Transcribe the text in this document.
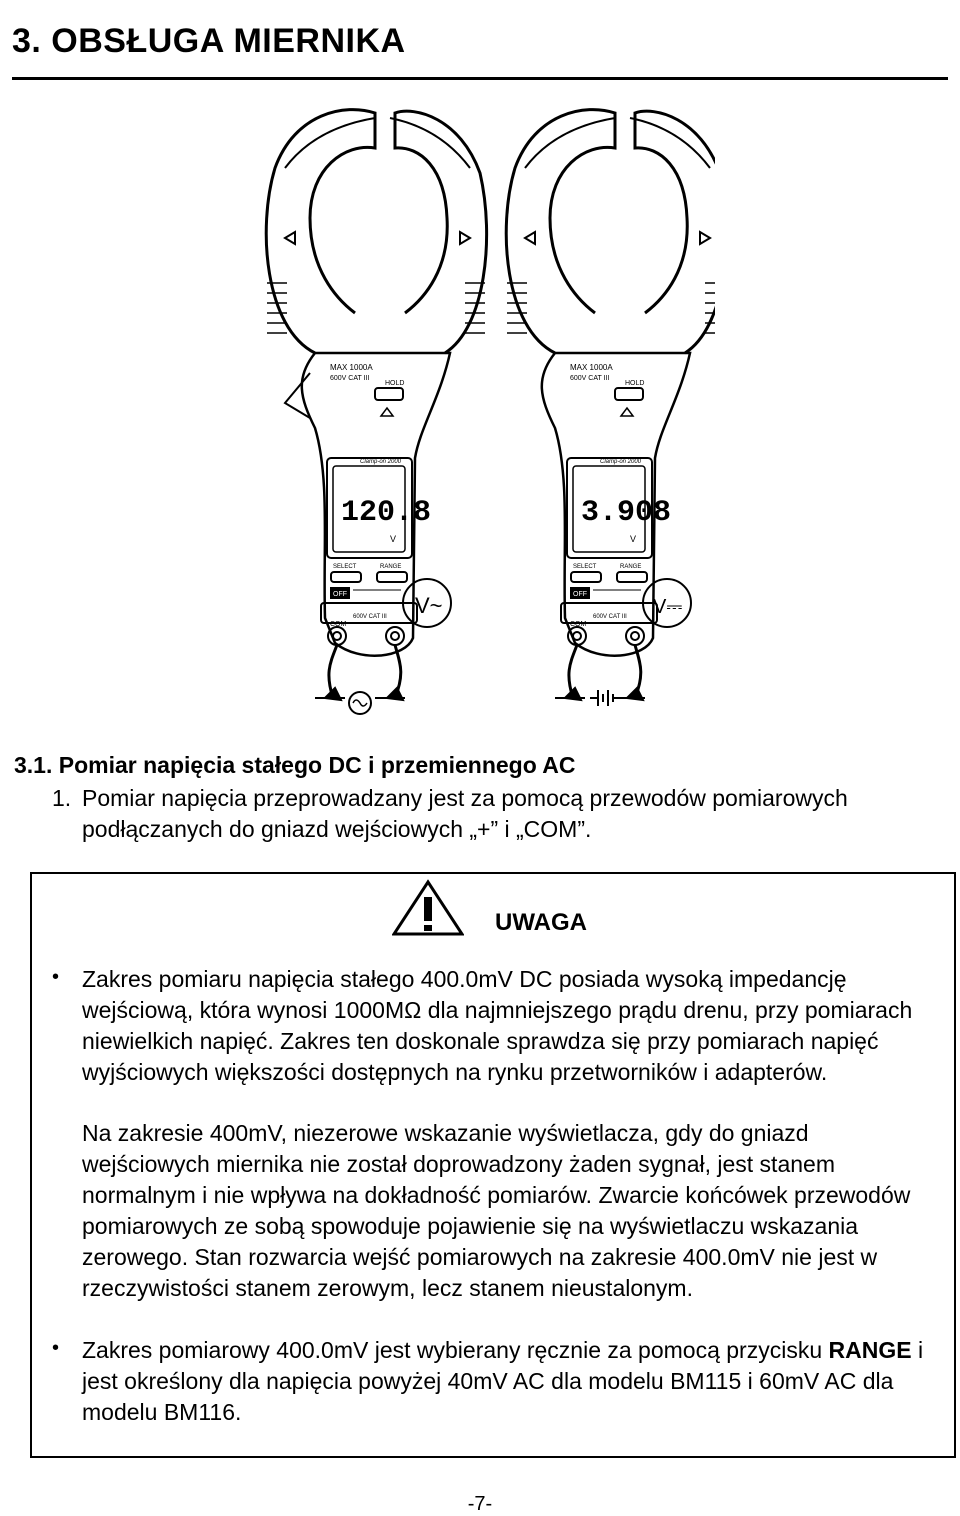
3. OBSŁUGA MIERNIKA
MAX 1000A
600V CAT III
HOLD
Clamp-on 2000
120.8
V
SELECT	RANGE
OFF
COM
600V CAT III V~
MAX 1000A
600V CAT III
HOLD
Clamp-on 2000
3.908
V
SELECT	RANGE
OFF
COM
600V CAT III V⎓
3.1. Pomiar napięcia stałego DC i przemiennego AC
1. Pomiar napięcia przeprowadzany jest za pomocą przewodów pomiarowych podłączanych do gniazd wejściowych „+” i „COM”.
UWAGA
• Zakres pomiaru napięcia stałego 400.0mV DC posiada wysoką impedancję wejściową, która wynosi 1000MΩ dla najmniejszego prądu drenu, przy pomiarach niewielkich napięć. Zakres ten doskonale sprawdza się przy pomiarach napięć wyjściowych większości dostępnych na rynku przetworników i adapterów.
Na zakresie 400mV, niezerowe wskazanie wyświetlacza, gdy do gniazd wejściowych miernika nie został doprowadzony żaden sygnał, jest stanem normalnym i nie wpływa na dokładność pomiarów. Zwarcie końcówek przewodów pomiarowych ze sobą spowoduje pojawienie się na wyświetlaczu wskazania zerowego. Stan rozwarcia wejść pomiarowych na zakresie 400.0mV nie jest w rzeczywistości stanem zerowym, lecz stanem nieustalonym.
• Zakres pomiarowy 400.0mV jest wybierany ręcznie za pomocą przycisku RANGE i jest określony dla napięcia powyżej 40mV AC dla modelu BM115 i 60mV AC dla modelu BM116.
-7-
